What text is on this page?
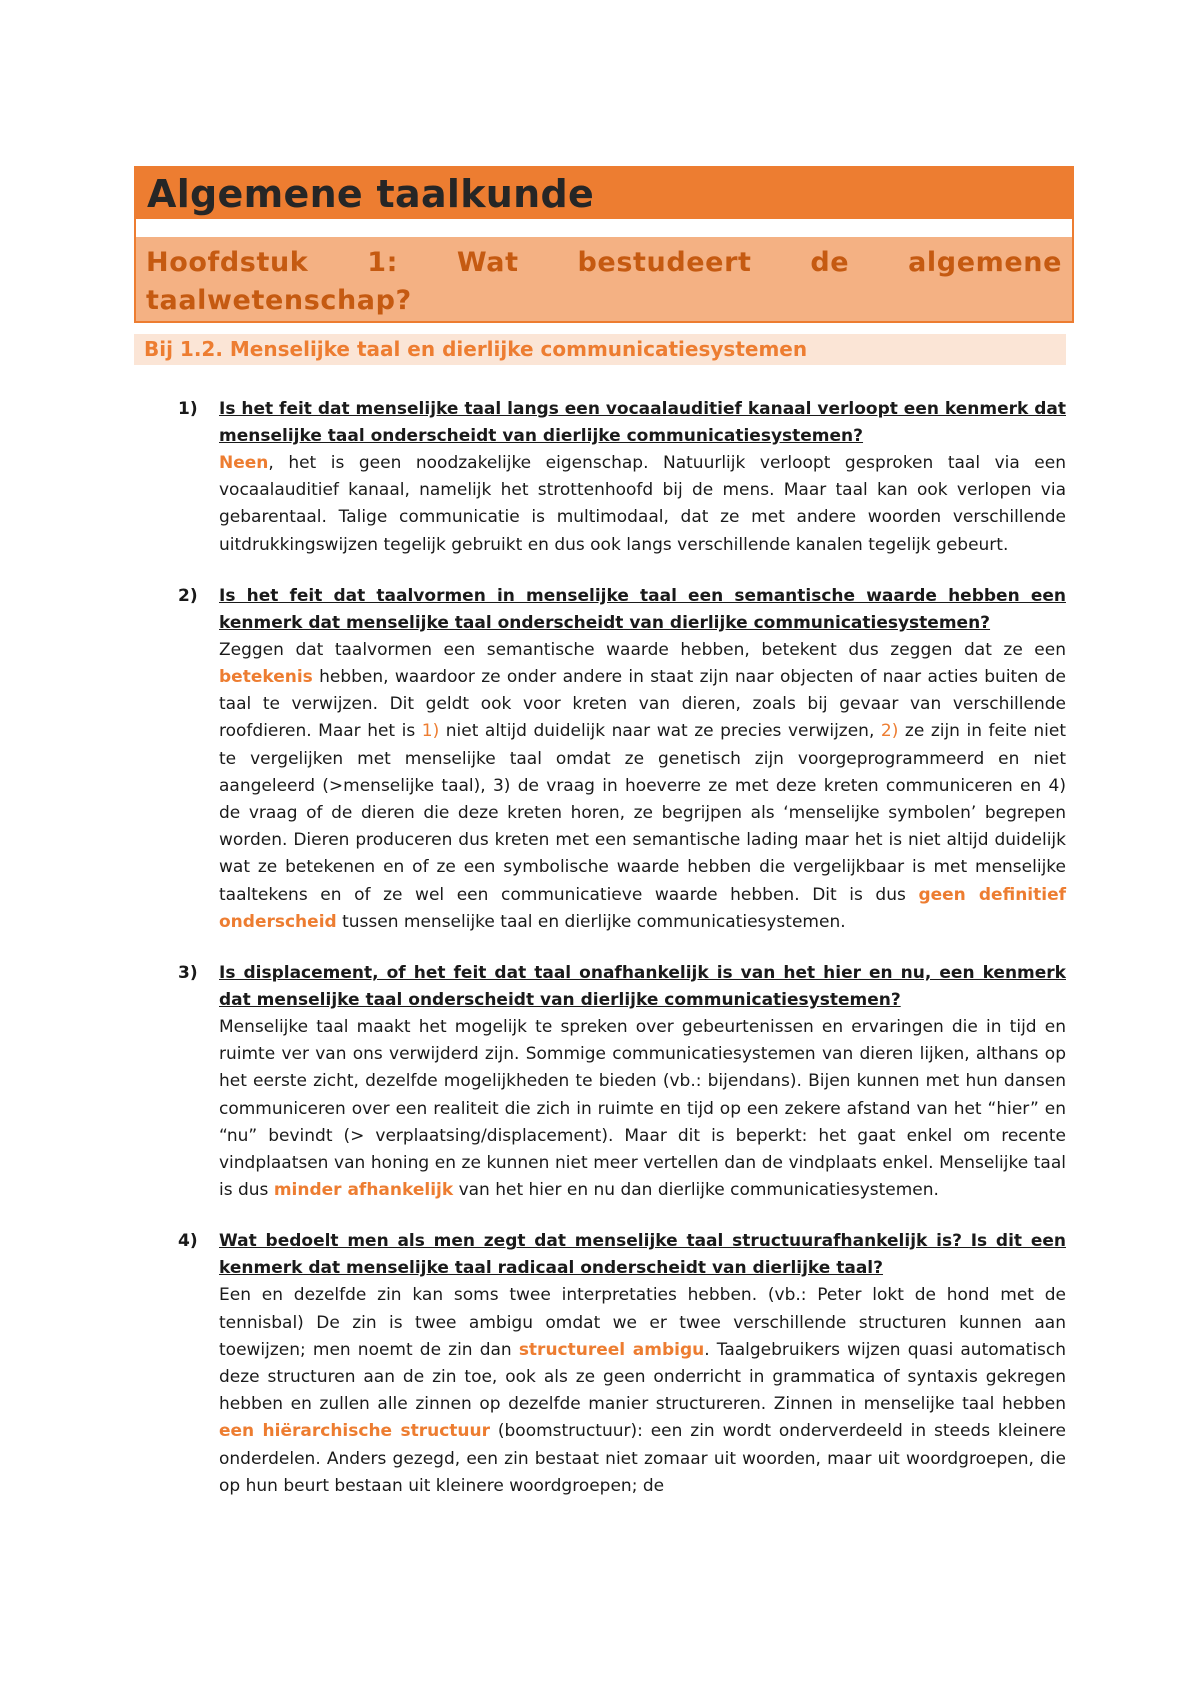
Algemene taalkunde
Hoofdstuk 1: Wat bestudeert de algemene taalwetenschap?
Bij 1.2. Menselijke taal en dierlijke communicatiesystemen
1) Is het feit dat menselijke taal langs een vocaalauditief kanaal verloopt een kenmerk dat menselijke taal onderscheidt van dierlijke communicatiesystemen?

Neen, het is geen noodzakelijke eigenschap. Natuurlijk verloopt gesproken taal via een vocaalauditief kanaal, namelijk het strottenhoofd bij de mens. Maar taal kan ook verlopen via gebarentaal. Talige communicatie is multimodaal, dat ze met andere woorden verschillende uitdrukkingswijzen tegelijk gebruikt en dus ook langs verschillende kanalen tegelijk gebeurt.

2) Is het feit dat taalvormen in menselijke taal een semantische waarde hebben een kenmerk dat menselijke taal onderscheidt van dierlijke communicatiesystemen?

Zeggen dat taalvormen een semantische waarde hebben, betekent dus zeggen dat ze een betekenis hebben, waardoor ze onder andere in staat zijn naar objecten of naar acties buiten de taal te verwijzen. Dit geldt ook voor kreten van dieren, zoals bij gevaar van verschillende roofdieren. Maar het is 1) niet altijd duidelijk naar wat ze precies verwijzen, 2) ze zijn in feite niet te vergelijken met menselijke taal omdat ze genetisch zijn voorgeprogrammeerd en niet aangeleerd (>menselijke taal), 3) de vraag in hoeverre ze met deze kreten communiceren en 4) de vraag of de dieren die deze kreten horen, ze begrijpen als ‘menselijke symbolen’ begrepen worden. Dieren produceren dus kreten met een semantische lading maar het is niet altijd duidelijk wat ze betekenen en of ze een symbolische waarde hebben die vergelijkbaar is met menselijke taaltekens en of ze wel een communicatieve waarde hebben. Dit is dus geen definitief onderscheid tussen menselijke taal en dierlijke communicatiesystemen.

3) Is displacement, of het feit dat taal onafhankelijk is van het hier en nu, een kenmerk dat menselijke taal onderscheidt van dierlijke communicatiesystemen?

Menselijke taal maakt het mogelijk te spreken over gebeurtenissen en ervaringen die in tijd en ruimte ver van ons verwijderd zijn. Sommige communicatiesystemen van dieren lijken, althans op het eerste zicht, dezelfde mogelijkheden te bieden (vb.: bijendans). Bijen kunnen met hun dansen communiceren over een realiteit die zich in ruimte en tijd op een zekere afstand van het “hier” en “nu” bevindt (> verplaatsing/displacement). Maar dit is beperkt: het gaat enkel om recente vindplaatsen van honing en ze kunnen niet meer vertellen dan de vindplaats enkel. Menselijke taal is dus minder afhankelijk van het hier en nu dan dierlijke communicatiesystemen.

4) Wat bedoelt men als men zegt dat menselijke taal structuurafhankelijk is? Is dit een kenmerk dat menselijke taal radicaal onderscheidt van dierlijke taal?

Een en dezelfde zin kan soms twee interpretaties hebben. (vb.: Peter lokt de hond met de tennisbal) De zin is twee ambigu omdat we er twee verschillende structuren kunnen aan toewijzen; men noemt de zin dan structureel ambigu. Taalgebruikers wijzen quasi automatisch deze structuren aan de zin toe, ook als ze geen onderricht in grammatica of syntaxis gekregen hebben en zullen alle zinnen op dezelfde manier structureren. Zinnen in menselijke taal hebben een hiërarchische structuur (boomstructuur): een zin wordt onderverdeeld in steeds kleinere onderdelen. Anders gezegd, een zin bestaat niet zomaar uit woorden, maar uit woordgroepen, die op hun beurt bestaan uit kleinere woordgroepen; de
